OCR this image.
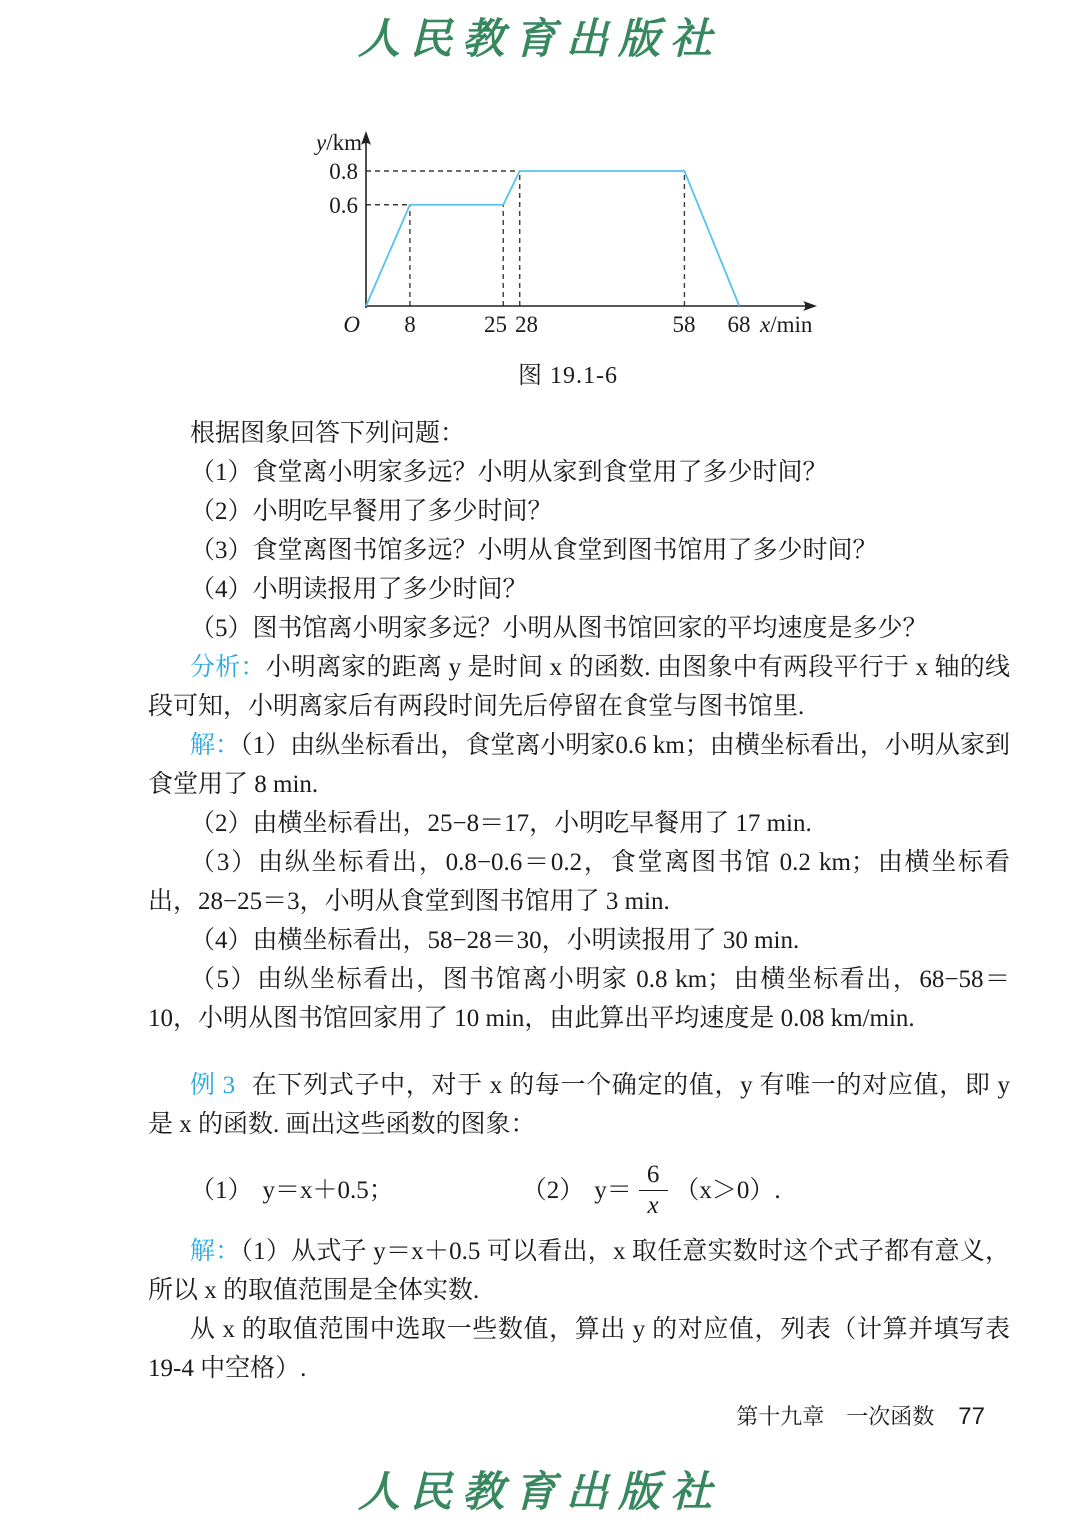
人民教育出版社
y/km
x/min
O
0.6
0.8
8	25 28	58 68
图 19.1-6

根据图象回答下列问题：

（1）食堂离小明家多远？小明从家到食堂用了多少时间？

（2）小明吃早餐用了多少时间？

（3）食堂离图书馆多远？小明从食堂到图书馆用了多少时间？

（4）小明读报用了多少时间？

（5）图书馆离小明家多远？小明从图书馆回家的平均速度是多少？

分析：小明离家的距离 y 是时间 x 的函数. 由图象中有两段平行于 x 轴的线段可知，小明离家后有两段时间先后停留在食堂与图书馆里.

解：（1）由纵坐标看出，食堂离小明家0.6 km；由横坐标看出，小明从家到食堂用了 8 min.

（2）由横坐标看出，25−8＝17，小明吃早餐用了 17 min.

（3）由纵坐标看出，0.8−0.6＝0.2，食堂离图书馆 0.2 km；由横坐标看出，28−25＝3，小明从食堂到图书馆用了 3 min.

（4）由横坐标看出，58−28＝30，小明读报用了 30 min.

（5）由纵坐标看出，图书馆离小明家 0.8 km；由横坐标看出，68−58＝10，小明从图书馆回家用了 10 min，由此算出平均速度是 0.08 km/min.

例 3 在下列式子中，对于 x 的每一个确定的值，y 有唯一的对应值，即 y 是 x 的函数. 画出这些函数的图象：

（1） y＝x＋0.5；	（2） $y= \frac{6}{x} (x>0)$.

解：（1）从式子 y＝x＋0.5 可以看出，x 取任意实数时这个式子都有意义，所以 x 的取值范围是全体实数.

从 x 的取值范围中选取一些数值，算出 y 的对应值，列表（计算并填写表 19-4 中空格）.

第十九章 一次函数 77
人民教育出版社
